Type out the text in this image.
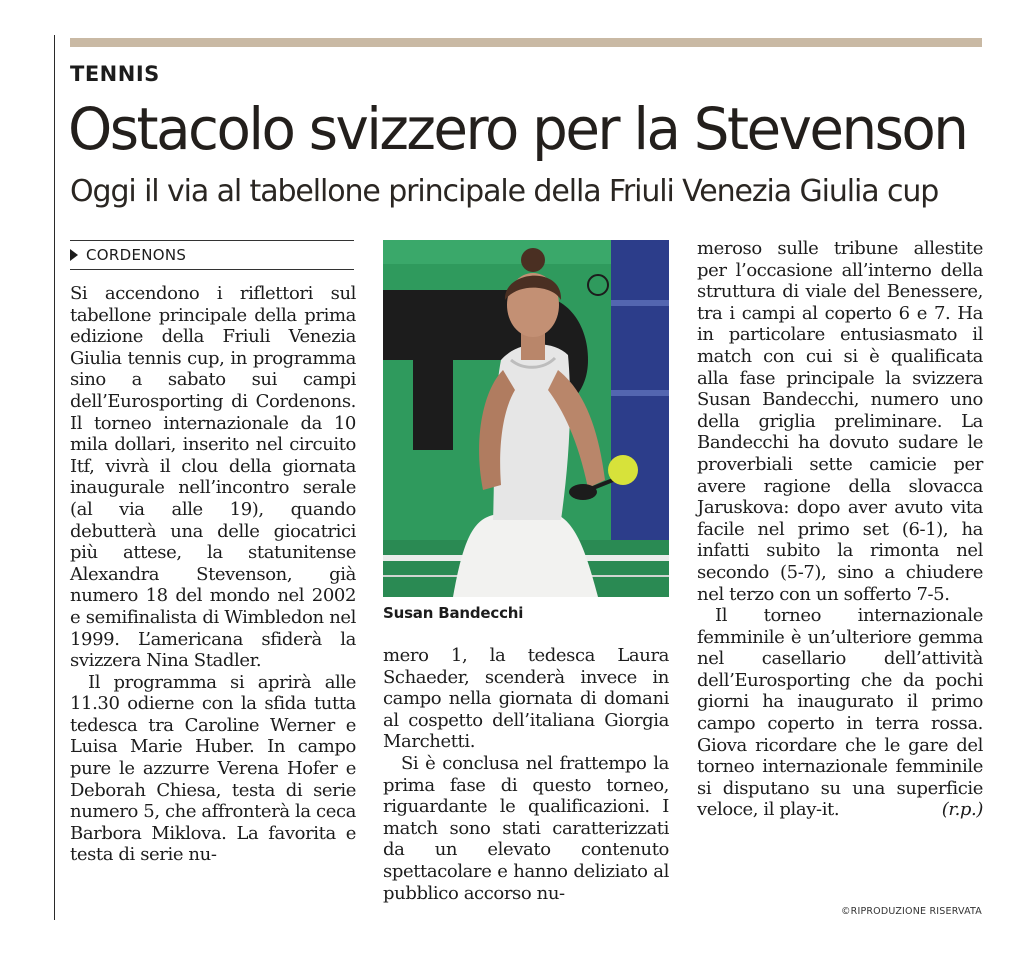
TENNIS
Ostacolo svizzero per la Stevenson
Oggi il via al tabellone principale della Friuli Venezia Giulia cup
CORDENONS

Si accendono i riflettori sul tabellone principale della prima edizione della Friuli Venezia Giulia tennis cup, in programma sino a sabato sui campi dell’Eurosporting di Cordenons. Il torneo internazionale da 10 mila dollari, inserito nel circuito Itf, vivrà il clou della giornata inaugurale nell’incontro serale (al via alle 19), quando debutterà una delle giocatrici più attese, la statunitense Alexandra Stevenson, già numero 18 del mondo nel 2002 e semifinalista di Wimbledon nel 1999. L’americana sfiderà la svizzera Nina Stadler.

Il programma si aprirà alle 11.30 odierne con la sfida tutta tedesca tra Caroline Werner e Luisa Marie Huber. In campo pure le azzurre Verena Hofer e Deborah Chiesa, testa di serie numero 5, che affronterà la ceca Barbora Miklova. La favorita e testa di serie nu-

Susan Bandecchi

mero 1, la tedesca Laura Schaeder, scenderà invece in campo nella giornata di domani al cospetto dell’italiana Giorgia Marchetti.

Si è conclusa nel frattempo la prima fase di questo torneo, riguardante le qualificazioni. I match sono stati caratterizzati da un elevato contenuto spettacolare e hanno deliziato al pubblico accorso nu-

meroso sulle tribune allestite per l’occasione all’interno della struttura di viale del Benessere, tra i campi al coperto 6 e 7. Ha in particolare entusiasmato il match con cui si è qualificata alla fase principale la svizzera Susan Bandecchi, numero uno della griglia preliminare. La Bandecchi ha dovuto sudare le proverbiali sette camicie per avere ragione della slovacca Jaruskova: dopo aver avuto vita facile nel primo set (6-1), ha infatti subito la rimonta nel secondo (5-7), sino a chiudere nel terzo con un sofferto 7-5.

Il torneo internazionale femminile è un’ulteriore gemma nel casellario dell’attività dell’Eurosporting che da pochi giorni ha inaugurato il primo campo coperto in terra rossa. Giova ricordare che le gare del torneo internazionale femminile si disputano su una superficie veloce, il play-it.	(r.p.)

©RIPRODUZIONE RISERVATA
